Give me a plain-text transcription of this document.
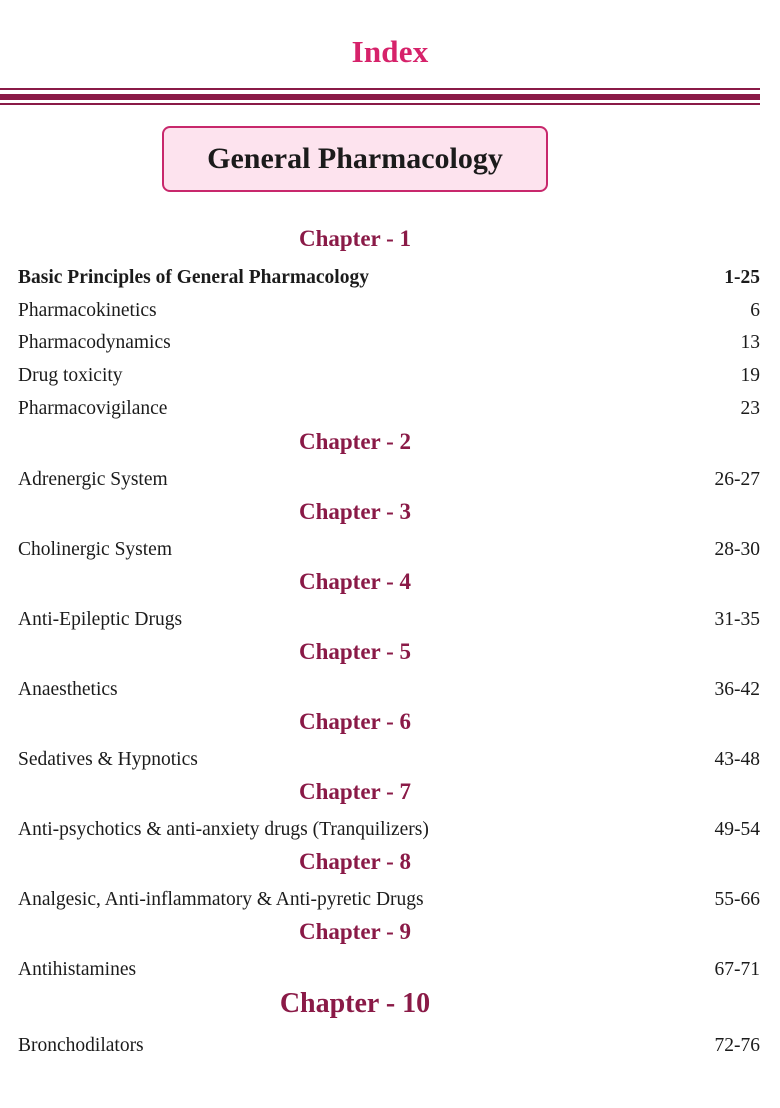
Index
General Pharmacology
Chapter - 1
Basic Principles of General Pharmacology	1-25
Pharmacokinetics	6
Pharmacodynamics	13
Drug toxicity	19
Pharmacovigilance	23
Chapter - 2
Adrenergic System	26-27
Chapter - 3
Cholinergic System	28-30
Chapter - 4
Anti-Epileptic Drugs	31-35
Chapter - 5
Anaesthetics	36-42
Chapter - 6
Sedatives & Hypnotics	43-48
Chapter - 7
Anti-psychotics & anti-anxiety drugs (Tranquilizers)	49-54
Chapter - 8
Analgesic, Anti-inflammatory & Anti-pyretic Drugs	55-66
Chapter - 9
Antihistamines	67-71
Chapter - 10
Bronchodilators	72-76
